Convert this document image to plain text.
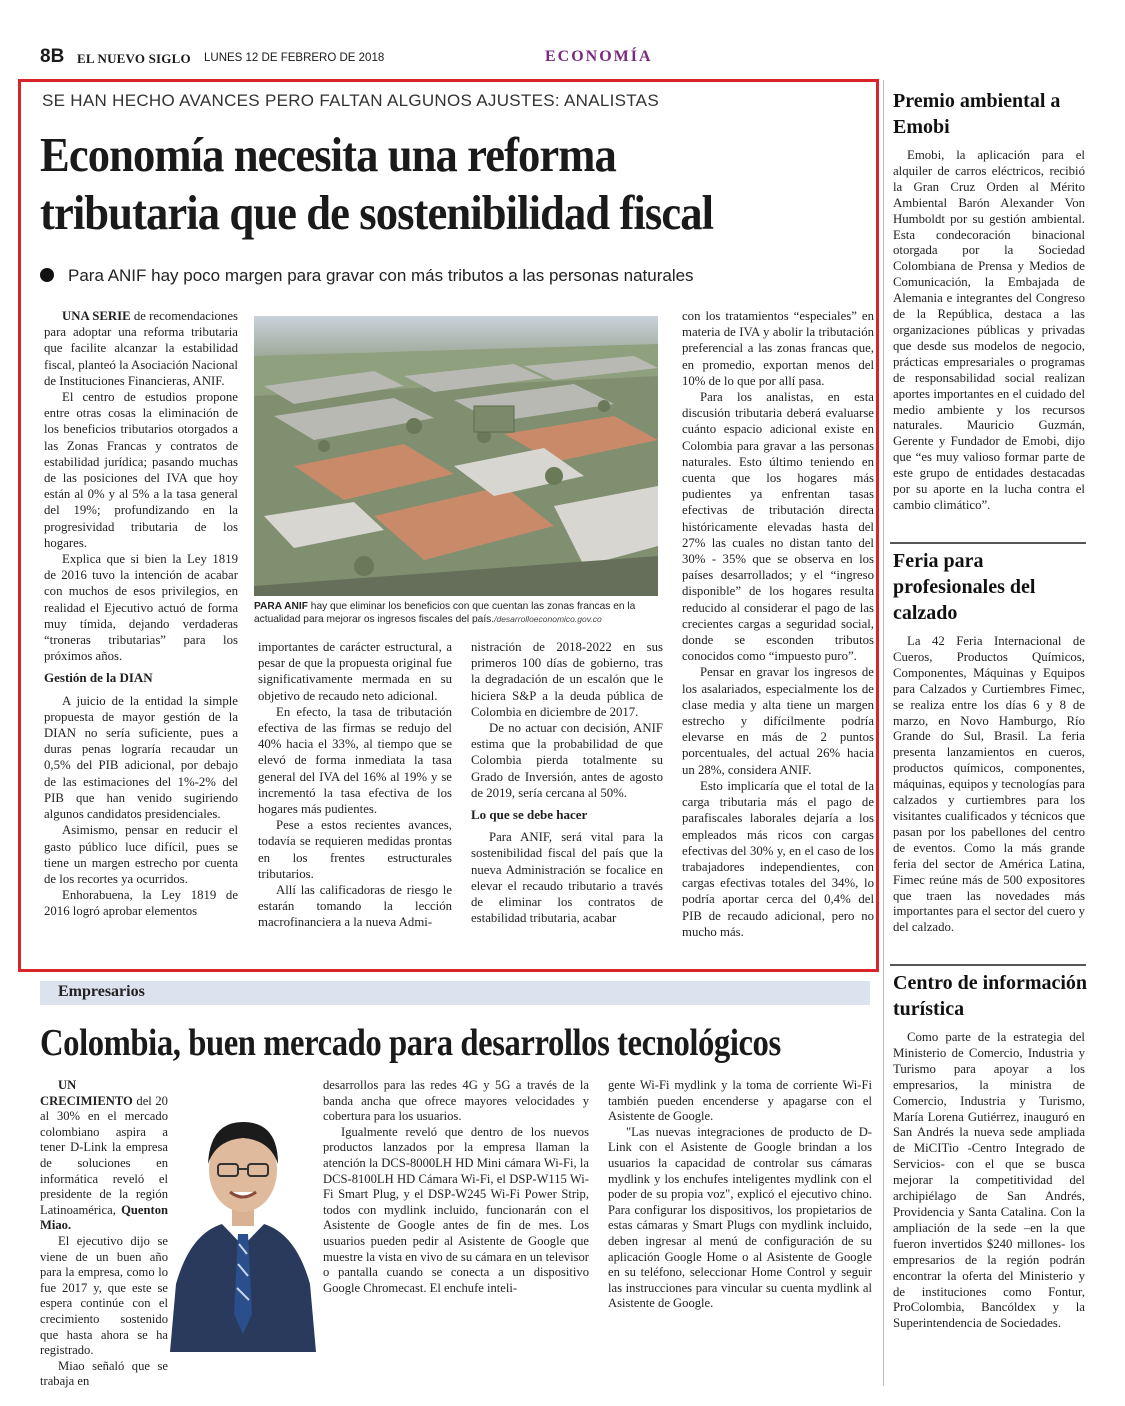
8B EL NUEVO SIGLO LUNES 12 DE FEBRERO DE 2018	ECONOMÍA
SE HAN HECHO AVANCES PERO FALTAN ALGUNOS AJUSTES: ANALISTAS
Economía necesita una reforma
tributaria que de sostenibilidad fiscal
Para ANIF hay poco margen para gravar con más tributos a las personas naturales

UNA SERIE de recomendaciones para adoptar una reforma tributaria que facilite alcanzar la estabilidad fiscal, planteó la Asociación Nacional de Instituciones Financieras, ANIF.

El centro de estudios propone entre otras cosas la eliminación de los beneficios tributarios otorgados a las Zonas Francas y contratos de estabilidad jurídica; pasando muchas de las posiciones del IVA que hoy están al 0% y al 5% a la tasa general del 19%; profundizando en la progresividad tributaria de los hogares.

Explica que si bien la Ley 1819 de 2016 tuvo la intención de acabar con muchos de esos privilegios, en realidad el Ejecutivo actuó de forma muy tímida, dejando verdaderas “troneras tributarias” para los próximos años.

Gestión de la DIAN

A juicio de la entidad la simple propuesta de mayor gestión de la DIAN no sería suficiente, pues a duras penas lograría recaudar un 0,5% del PIB adicional, por debajo de las estimaciones del 1%-2% del PIB que han venido sugiriendo algunos candidatos presidenciales.

Asimismo, pensar en reducir el gasto público luce difícil, pues se tiene un margen estrecho por cuenta de los recortes ya ocurridos.

Enhorabuena, la Ley 1819 de 2016 logró aprobar elementos

PARA ANIF hay que eliminar los beneficios con que cuentan las zonas francas en la actualidad para mejorar os ingresos fiscales del país./desarrolloeconomico.gov.co

importantes de carácter estructural, a pesar de que la propuesta original fue significativamente mermada en su objetivo de recaudo neto adicional.

En efecto, la tasa de tributación efectiva de las firmas se redujo del 40% hacia el 33%, al tiempo que se elevó de forma inmediata la tasa general del IVA del 16% al 19% y se incrementó la tasa efectiva de los hogares más pudientes.

Pese a estos recientes avances, todavía se requieren medidas prontas en los frentes estructurales tributarios.

Allí las calificadoras de riesgo le estarán tomando la lección macrofinanciera a la nueva Admi-

nistración de 2018-2022 en sus primeros 100 días de gobierno, tras la degradación de un escalón que le hiciera S&P a la deuda pública de Colombia en diciembre de 2017.

De no actuar con decisión, ANIF estima que la probabilidad de que Colombia pierda totalmente su Grado de Inversión, antes de agosto de 2019, sería cercana al 50%.

Lo que se debe hacer

Para ANIF, será vital para la sostenibilidad fiscal del país que la nueva Administración se focalice en elevar el recaudo tributario a través de eliminar los contratos de estabilidad tributaria, acabar

con los tratamientos “especiales” en materia de IVA y abolir la tributación preferencial a las zonas francas que, en promedio, exportan menos del 10% de lo que por allí pasa.

Para los analistas, en esta discusión tributaria deberá evaluarse cuánto espacio adicional existe en Colombia para gravar a las personas naturales. Esto último teniendo en cuenta que los hogares más pudientes ya enfrentan tasas efectivas de tributación directa históricamente elevadas hasta del 27% las cuales no distan tanto del 30% - 35% que se observa en los países desarrollados; y el “ingreso disponible” de los hogares resulta reducido al considerar el pago de las crecientes cargas a seguridad social, donde se esconden tributos conocidos como “impuesto puro”.

Pensar en gravar los ingresos de los asalariados, especialmente los de clase media y alta tiene un margen estrecho y difícilmente podría elevarse en más de 2 puntos porcentuales, del actual 26% hacia un 28%, considera ANIF.

Esto implicaría que el total de la carga tributaria más el pago de parafiscales laborales dejaría a los empleados más ricos con cargas efectivas del 30% y, en el caso de los trabajadores independientes, con cargas efectivas totales del 34%, lo podría aportar cerca del 0,4% del PIB de recaudo adicional, pero no mucho más.

Premio ambiental a Emobi

Emobi, la aplicación para el alquiler de carros eléctricos, recibió la Gran Cruz Orden al Mérito Ambiental Barón Alexander Von Humboldt por su gestión ambiental. Esta condecoración binacional otorgada por la Sociedad Colombiana de Prensa y Medios de Comunicación, la Embajada de Alemania e integrantes del Congreso de la República, destaca a las organizaciones públicas y privadas que desde sus modelos de negocio, prácticas empresariales o programas de responsabilidad social realizan aportes importantes en el cuidado del medio ambiente y los recursos naturales. Mauricio Guzmán, Gerente y Fundador de Emobi, dijo que “es muy valioso formar parte de este grupo de entidades destacadas por su aporte en la lucha contra el cambio climático”.

Feria para profesionales del calzado

La 42 Feria Internacional de Cueros, Productos Químicos, Componentes, Máquinas y Equipos para Calzados y Curtiembres Fimec, se realiza entre los días 6 y 8 de marzo, en Novo Hamburgo, Río Grande do Sul, Brasil. La feria presenta lanzamientos en cueros, productos químicos, componentes, máquinas, equipos y tecnologías para calzados y curtiembres para los visitantes cualificados y técnicos que pasan por los pabellones del centro de eventos. Como la más grande feria del sector de América Latina, Fimec reúne más de 500 expositores que traen las novedades más importantes para el sector del cuero y del calzado.

Centro de información turística

Como parte de la estrategia del Ministerio de Comercio, Industria y Turismo para apoyar a los empresarios, la ministra de Comercio, Industria y Turismo, María Lorena Gutiérrez, inauguró en San Andrés la nueva sede ampliada de MiCITio -Centro Integrado de Servicios- con el que se busca mejorar la competitividad del archipiélago de San Andrés, Providencia y Santa Catalina. Con la ampliación de la sede –en la que fueron invertidos $240 millones- los empresarios de la región podrán encontrar la oferta del Ministerio y de instituciones como Fontur, ProColombia, Bancóldex y la Superintendencia de Sociedades.

Empresarios
Colombia, buen mercado para desarrollos tecnológicos

UN CRECIMIENTO del 20 al 30% en el mercado colombiano aspira a tener D-Link la empresa de soluciones en informática reveló el presidente de la región Latinoamérica, Quenton Miao.

El ejecutivo dijo se viene de un buen año para la empresa, como lo fue 2017 y, que este se espera continúe con el crecimiento sostenido que hasta ahora se ha registrado.

Miao señaló que se trabaja en

desarrollos para las redes 4G y 5G a través de la banda ancha que ofrece mayores velocidades y cobertura para los usuarios.

Igualmente reveló que dentro de los nuevos productos lanzados por la empresa llaman la atención la DCS-8000LH HD Mini cámara Wi-Fi, la DCS-8100LH HD Cámara Wi-Fi, el DSP-W115 Wi-Fi Smart Plug, y el DSP-W245 Wi-Fi Power Strip, todos con mydlink incluido, funcionarán con el Asistente de Google antes de fin de mes. Los usuarios pueden pedir al Asistente de Google que muestre la vista en vivo de su cámara en un televisor o pantalla cuando se conecta a un dispositivo Google Chromecast. El enchufe inteli-

gente Wi-Fi mydlink y la toma de corriente Wi-Fi también pueden encenderse y apagarse con el Asistente de Google.

"Las nuevas integraciones de producto de D-Link con el Asistente de Google brindan a los usuarios la capacidad de controlar sus cámaras mydlink y los enchufes inteligentes mydlink con el poder de su propia voz", explicó el ejecutivo chino. Para configurar los dispositivos, los propietarios de estas cámaras y Smart Plugs con mydlink incluido, deben ingresar al menú de configuración de su aplicación Google Home o al Asistente de Google en su teléfono, seleccionar Home Control y seguir las instrucciones para vincular su cuenta mydlink al Asistente de Google.
